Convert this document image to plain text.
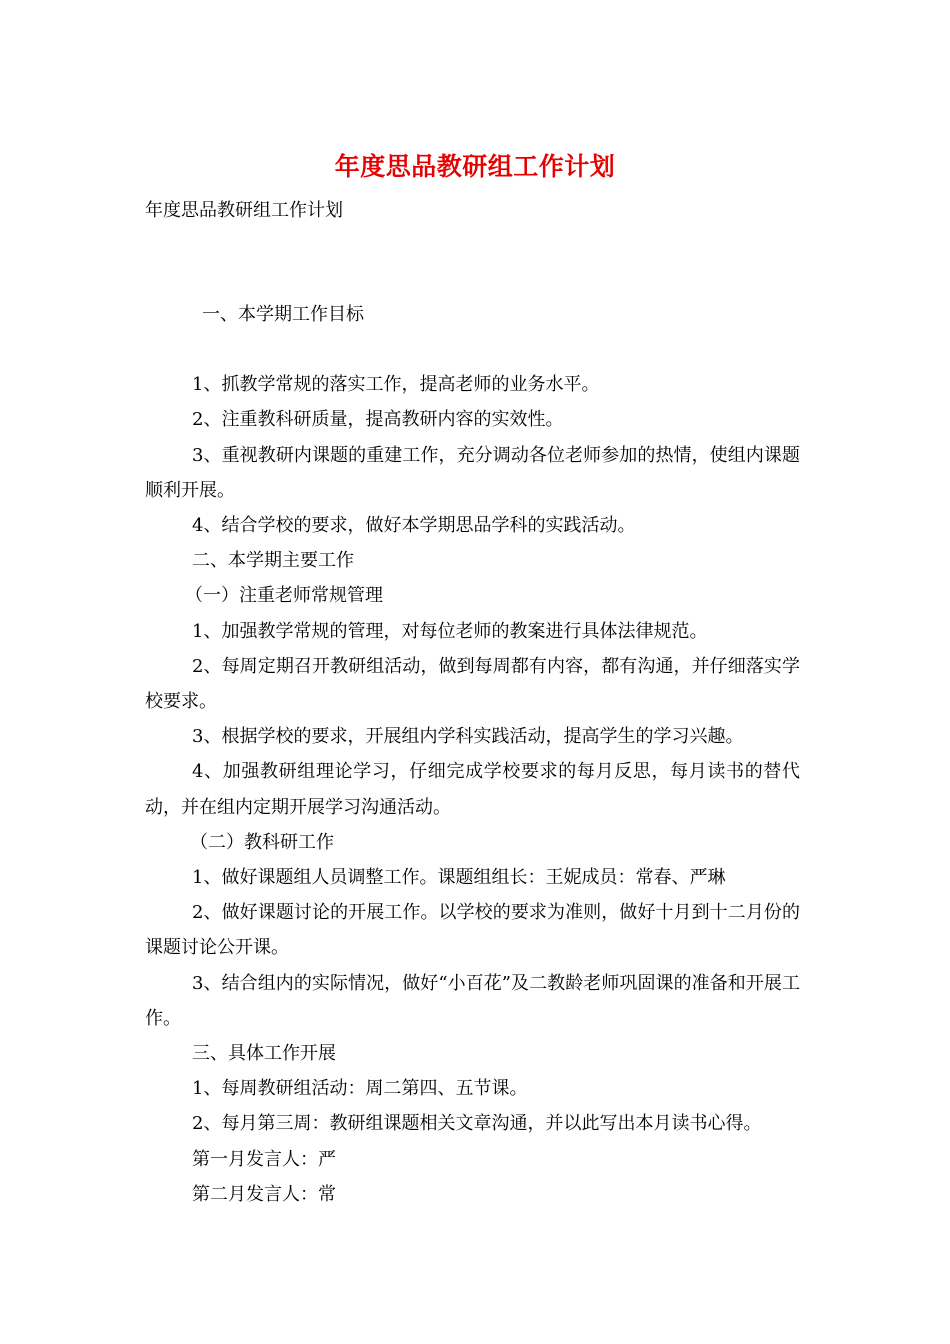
年度思品教研组工作计划
年度思品教研组工作计划

一、本学期工作目标

1、抓教学常规的落实工作，提高老师的业务水平。

2、注重教科研质量，提高教研内容的实效性。

3、重视教研内课题的重建工作，充分调动各位老师参加的热情，使组内课题顺利开展。

4、结合学校的要求，做好本学期思品学科的实践活动。

二、本学期主要工作

（一）注重老师常规管理

1、加强教学常规的管理，对每位老师的教案进行具体法律规范。

2、每周定期召开教研组活动，做到每周都有内容，都有沟通，并仔细落实学校要求。

3、根据学校的要求，开展组内学科实践活动，提高学生的学习兴趣。

4、加强教研组理论学习，仔细完成学校要求的每月反思，每月读书的替代动，并在组内定期开展学习沟通活动。

（二）教科研工作

1、做好课题组人员调整工作。课题组组长：王妮成员：常春、严琳

2、做好课题讨论的开展工作。以学校的要求为准则，做好十月到十二月份的课题讨论公开课。

3、结合组内的实际情况，做好“小百花”及二教龄老师巩固课的准备和开展工作。

三、具体工作开展

1、每周教研组活动：周二第四、五节课。

2、每月第三周：教研组课题相关文章沟通，并以此写出本月读书心得。

第一月发言人：严

第二月发言人：常
